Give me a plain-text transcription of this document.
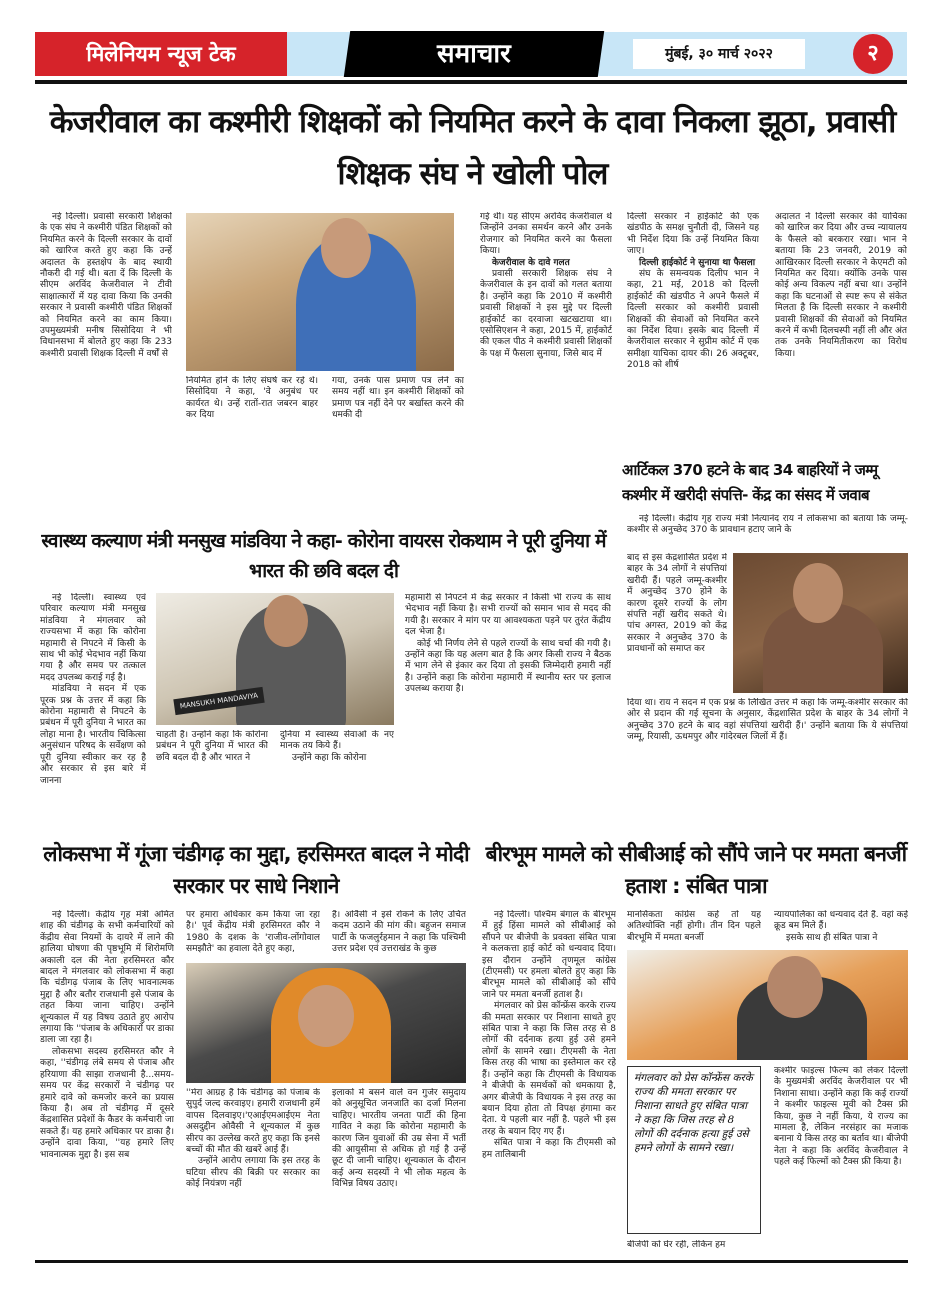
मिलेनियम न्यूज टेक	समाचार	मुंबई, ३० मार्च २०२२	२
केजरीवाल का कश्मीरी शिक्षकों को नियमित करने के दावा निकला झूठा, प्रवासी शिक्षक संघ ने खोली पोल

नई दिल्ली। प्रवासी सरकारी शिक्षकों के एक संघ ने कश्मीरी पंडित शिक्षकों को नियमित करने के दिल्ली सरकार के दावों को खारिज करते हुए कहा कि उन्हें अदालत के हस्तक्षेप के बाद स्थायी नौकरी दी गई थी। बता दें कि दिल्ली के सीएम अरविंद केजरीवाल ने टीवी साक्षात्कारों में यह दावा किया कि उनकी सरकार ने प्रवासी कश्मीरी पंडित शिक्षकों को नियमित करने का काम किया। उपमुख्यमंत्री मनीष सिसोदिया ने भी विधानसभा में बोलते हुए कहा कि 233 कश्मीरी प्रवासी शिक्षक दिल्ली में वर्षों से

नियमित होने के लिए संघर्ष कर रहे थे। सिसोदिया ने कहा, 'वे अनुबंध पर कार्यरत थे। उन्हें रातों-रात जबरन बाहर कर दिया

गया, उनके पास प्रमाण पत्र लेने का समय नहीं था। इन कश्मीरी शिक्षकों को प्रमाण पत्र नहीं देने पर बर्खास्त करने की धमकी दी

गई थी। यह सीएम अरविंद केजरीवाल थे जिन्होंने उनका समर्थन करने और उनके रोजगार को नियमित करने का फैसला किया।

केजरीवाल के दावे गलत

प्रवासी सरकारी शिक्षक संघ ने केजरीवाल के इन दावों को गलत बताया है। उन्होंने कहा कि 2010 में कश्मीरी प्रवासी शिक्षकों ने इस मुद्दे पर दिल्ली हाईकोर्ट का दरवाजा खटखटाया था। एसोसिएशन ने कहा, 2015 में, हाईकोर्ट की एकल पीठ ने कश्मीरी प्रवासी शिक्षकों के पक्ष में फैसला सुनाया, जिसे बाद में

दिल्ली सरकार ने हाईकोर्ट की एक खंडपीठ के समक्ष चुनौती दी, जिसने यह भी निर्देश दिया कि उन्हें नियमित किया जाए।

दिल्ली हाईकोर्ट ने सुनाया था फैसला

संघ के समन्वयक दिलीप भान ने कहा, 21 मई, 2018 को दिल्ली हाईकोर्ट की खंडपीठ ने अपने फैसले में दिल्ली सरकार को कश्मीरी प्रवासी शिक्षकों की सेवाओं को नियमित करने का निर्देश दिया। इसके बाद दिल्ली में केजरीवाल सरकार ने सुप्रीम कोर्ट में एक समीक्षा याचिका दायर की। 26 अक्टूबर, 2018 को शीर्ष

अदालत ने दिल्ली सरकार की याचिका को खारिज कर दिया और उच्च न्यायालय के फैसले को बरकरार रखा। भान ने बताया कि 23 जनवरी, 2019 को आखिरकार दिल्ली सरकार ने केएमटी को नियमित कर दिया। क्योंकि उनके पास कोई अन्य विकल्प नहीं बचा था। उन्होंने कहा कि घटनाओं से स्पष्ट रूप से संकेत मिलता है कि दिल्ली सरकार ने कश्मीरी प्रवासी शिक्षकों की सेवाओं को नियमित करने में कभी दिलचस्पी नहीं ली और अंत तक उनके नियमितीकरण का विरोध किया।

स्वास्थ्य कल्याण मंत्री मनसुख मांडविया ने कहा- कोरोना वायरस रोकथाम ने पूरी दुनिया में भारत की छवि बदल दी

नई दिल्ली। स्वास्थ्य एवं परिवार कल्याण मंत्री मनसुख मांडविया ने मंगलवार को राज्यसभा में कहा कि कोरोना महामारी से निपटने में किसी के साथ भी कोई भेदभाव नहीं किया गया है और समय पर तत्काल मदद उपलब्ध कराई गई है।

मांडविया ने सदन में एक पूरक प्रश्न के उत्तर में कहा कि कोरोना महामारी से निपटने के प्रबंधन में पूरी दुनिया ने भारत का लोहा माना है। भारतीय चिकित्सा अनुसंधान परिषद के सर्वेक्षण को पूरी दुनिया स्वीकार कर रह है और सरकार से इस बारे में जानना

MANSUKH MANDAVIYA

चाहती है। उन्होंने कहा कि कोरोना प्रबंधन ने पूरी दुनिया में भारत की छवि बदल दी है और भारत ने

दुनिया में स्वास्थ्य सेवाओं के नए मानक तय किये हैं।

उन्होंने कहा कि कोरोना

महामारी से निपटने में केंद्र सरकार ने किसी भी राज्य के साथ भेदभाव नहीं किया है। सभी राज्यों को समान भाव से मदद की गयी है। सरकार ने मांग पर या आवश्यकता पड़ने पर तुरंत केंद्रीय दल भेजा है।

कोई भी निर्णय लेने से पहले राज्यों के साथ चर्चा की गयी है। उन्होंने कहा कि यह अलग बात है कि अगर किसी राज्य ने बैठक में भाग लेने से इंकार कर दिया तो इसकी जिम्मेदारी हमारी नहीं है। उन्होंने कहा कि कोरोना महामारी में स्थानीय स्तर पर इलाज उपलब्ध कराया है।

आर्टिकल 370 हटने के बाद 34 बाहरियों ने जम्मू कश्मीर में खरीदी संपत्ति- केंद्र का संसद में जवाब

नई दिल्ली। केंद्रीय गृह राज्य मंत्री नित्यानंद राय ने लोकसभा को बताया कि जम्मू-कश्मीर से अनुच्छेद 370 के प्रावधान हटाए जाने के

बाद से इस केंद्रशासित प्रदेश में बाहर के 34 लोगों ने संपत्तियां खरीदी हैं। पहले जम्मू-कश्मीर में अनुच्छेद 370 होने के कारण दूसरे राज्यों के लोग संपत्ति नहीं खरीद सकते थे। पांच अगस्त, 2019 को केंद्र सरकार ने अनुच्छेद 370 के प्रावधानों को समाप्त कर

दिया था। राय ने सदन में एक प्रश्न के लिखित उत्तर में कहा कि जम्मू-कश्मीर सरकार की ओर से प्रदान की गई सूचना के अनुसार, केंद्रशासित प्रदेश के बाहर के 34 लोगों ने अनुच्छेद 370 हटने के बाद वहां संपत्तियां खरीदी हैं।' उन्होंने बताया कि ये संपत्तियां जम्मू, रियासी, ऊधमपुर और गांदेरबल जिलों में हैं।

लोकसभा में गूंजा चंडीगढ़ का मुद्दा, हरसिमरत बादल ने मोदी सरकार पर साधे निशाने

नई दिल्ली। केंद्रीय गृह मंत्री अमित शाह की चंडीगढ़ के सभी कर्मचारियों को केंद्रीय सेवा नियमों के दायरे में लाने की हालिया घोषणा की पृष्ठभूमि में शिरोमणि अकाली दल की नेता हरसिमरत कौर बादल ने मंगलवार को लोकसभा में कहा कि चंडीगढ़ पंजाब के लिए भावनात्मक मुद्दा है और बतौर राजधानी इसे पंजाब के तहत किया जाना चाहिए। उन्होंने शून्यकाल में यह विषय उठाते हुए आरोप लगाया कि ''पंजाब के अधिकारों पर डाका डाला जा रहा है।

लोकसभा सदस्य हरसिमरत कौर ने कहा, ''चंडीगढ़ लंबे समय से पंजाब और हरियाणा की साझा राजधानी है...समय-समय पर केंद्र सरकारों ने चंडीगढ़ पर हमारे दावे को कमजोर करने का प्रयास किया है। अब तो चंडीगढ़ में दूसरे केंद्रशासित प्रदेशों के कैडर के कर्मचारी जा सकते हैं। यह हमारे अधिकार पर डाका है। उन्होंने दावा किया, ''यह हमारे लिए भावनात्मक मुद्दा है। इस सब

पर हमारा अधिकार कम किया जा रहा है।' पूर्व केंद्रीय मंत्री हरसिमरत कौर ने 1980 के दशक के 'राजीव-लोंगोवाल समझौते' का हवाला देते हुए कहा,

है। ओवैसी ने इसे रोकने के लिए उचित कदम उठाने की मांग की। बहुजन समाज पार्टी के फजलुर्रहमान ने कहा कि पश्चिमी उत्तर प्रदेश एवं उत्तराखंड के कुछ

''मेरा आग्रह है कि चंडीगढ़ को पंजाब के सुपुर्द जल्द करवाइए। हमारी राजधानी हमें वापस दिलवाइए।'एआईएमआईएम नेता असदुद्दीन ओवैसी ने शून्यकाल में कुछ सीरप का उल्लेख करते हुए कहा कि इनसे बच्चों की मौत की खबरें आई हैं।

उन्होंने आरोप लगाया कि इस तरह के घटिया सीरप की बिक्री पर सरकार का कोई नियंत्रण नहीं

इलाकों में बसने वाले वन गुर्जर समुदाय को अनुसूचित जनजाति का दर्जा मिलना चाहिए। भारतीय जनता पार्टी की हिना गावित ने कहा कि कोरोना महामारी के कारण जिन युवाओं की उम्र सेना में भर्ती की आयुसीमा से अधिक हो गई है उन्हें छूट दी जानी चाहिए। शून्यकाल के दौरान कई अन्य सदस्यों ने भी लोक महत्व के विभिन्न विषय उठाए।

बीरभूम मामले को सीबीआई को सौंपे जाने पर ममता बनर्जी हताश : संबित पात्रा

नई दिल्ली। पश्चिम बंगाल के बीरभूम में हुई हिंसा मामले को सीबीआई को सौंपने पर बीजेपी के प्रवक्ता संबित पात्रा ने कलकत्ता हाई कोर्ट को धन्यवाद दिया। इस दौरान उन्होंने तृणमूल कांग्रेस (टीएमसी) पर हमला बोलते हुए कहा कि बीरभूम मामले को सीबीआई को सौंपे जाने पर ममता बनर्जी हताश है।

मंगलवार को प्रेस कॉन्फ्रेंस करके राज्य की ममता सरकार पर निशाना साधते हुए संबित पात्रा ने कहा कि जिस तरह से 8 लोगों की दर्दनाक हत्या हुई उसे हमने लोगों के सामने रखा। टीएमसी के नेता किस तरह की भाषा का इस्तेमाल कर रहे हैं। उन्होंने कहा कि टीएमसी के विधायक ने बीजेपी के समर्थकों को धमकाया है, अगर बीजेपी के विधायक ने इस तरह का बयान दिया होता तो विपक्ष हंगामा कर देता. ये पहली बार नहीं है. पहले भी इस तरह के बयान दिए गए हैं।

संबित पात्रा ने कहा कि टीएमसी को हम तालिबानी

मानसिकता कांग्रेस कहें तो यह अतिश्योक्ति नहीं होगी। तीन दिन पहले बीरभूमि में ममता बनर्जी

न्यायपालिका को धन्यवाद देते हैं. वहां कई क्रूड बम मिले हैं।

इसके साथ ही संबित पात्रा ने

मंगलवार को प्रेस कॉन्फ्रेंस करके राज्य की ममता सरकार पर निशाना साधते हुए संबित पात्रा ने कहा कि जिस तरह से 8 लोगों की दर्दनाक हत्या हुई उसे हमने लोगों के सामने रखा।

बीजेपी को घेर रही, लेकिन हम

कश्मीर फाइल्स फिल्म को लेकर दिल्ली के मुख्यमंत्री अरविंद केजरीवाल पर भी निशाना साधा। उन्होंने कहा कि कई राज्यों ने कश्मीर फाइल्स मूवी को टैक्स फ्री किया, कुछ ने नहीं किया, ये राज्य का मामला है, लेकिन नरसंहार का मजाक बनाना ये किस तरह का बर्ताव था। बीजेपी नेता ने कहा कि अरविंद केजरीवाल ने पहले कई फिल्मों को टैक्स फ्री किया है।
